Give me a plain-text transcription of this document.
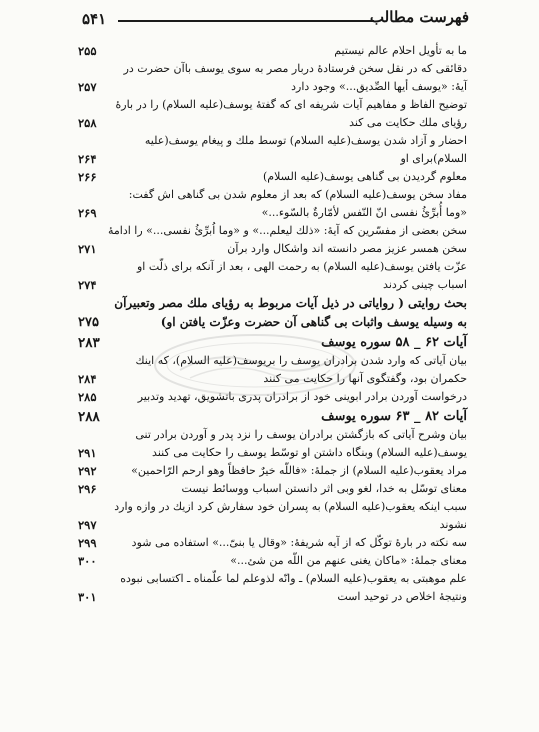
۵۴۱	فهرست مطالب
ما به تأويل احلام عالم نيستيم
۲۵۵
دقائقى كه در نقل سخن فرستادهٔ دربار مصر به سوى يوسف باآن حضرت در آيهٔ: «يوسف أيها الصِّديق...» وجود دارد
۲۵۷
توضيح الفاظ و مفاهيم آيات شريفه اى كه گفتهٔ يوسف(عليه السلام) را در بارهٔ رؤياى ملك حكايت مى كند
۲۵۸
احضار و آزاد شدن يوسف(عليه السلام) توسط ملك و پيغام يوسف(عليه السلام)براى او
۲۶۴
معلوم گرديدن بى گناهى يوسف(عليه السلام)
۲۶۶
مفاد سخن يوسف(عليه السلام) كه بعد از معلوم شدن بى گناهى اش گفت: «وما أُبرِّئُ نفسى انّ النّفس لأمّارةٌ بالسّوء...»
۲۶۹
سخن بعضى از مفسّرين كه آيهٔ: «ذلك ليعلم...» و «وما اُبرِّئُ نفسى...» را ادامهٔ سخن همسر عزيز مصر دانسته اند واشكال وارد برآن
۲۷۱
عزّت يافتن يوسف(عليه السلام) به رحمت الهى ، بعد از آنكه براى ذلّت او اسباب چينى كردند
۲۷۴
بحث روايتى ( رواياتى در ذيل آيات مربوط به رؤياى ملك مصر وتعبيرآن به وسيله يوسف واثبات بى گناهى آن حضرت وعزّت يافتن او)
۲۷۵
آيات ۶۲ _ ۵۸ سوره يوسف
۲۸۳
بيان آياتى كه وارد شدن برادران يوسف را بريوسف(عليه السلام)، كه اينك حكمران بود، وگفتگوى آنها را حكايت مى كنند
۲۸۴
درخواست آوردن برادر ابوينى خود از برادران پدرى باتشويق، تهديد وتدبير
۲۸۵
آيات ۸۲ _ ۶۳ سوره يوسف
۲۸۸
بيان وشرح آياتى كه بازگشتن برادران يوسف را نزد پدر و آوردن برادر تنى يوسف(عليه السلام) وبنگاه داشتن او توسّط يوسف را حكايت مى كنند
۲۹۱
مراد يعقوب(عليه السلام) از جملهٔ: «فاللّه خيرٌ حافظاً وهو ارحم الرّاحمين»
۲۹۲
معناى توسّل به خدا، لغو وبى اثر دانستن اسباب ووسائط نيست
۲۹۶
سبب اينكه يعقوب(عليه السلام) به پسران خود سفارش كرد ازيك در وازه وارد نشوند
۲۹۷
سه نكته در بارهٔ توكّل كه از آيه شريفهٔ: «وقال يا بنىّ...» استفاده مى شود
۲۹۹
معناى جملهٔ: «ماكان يغنى عنهم من اللّه من شئ...»
۳۰۰
علم موهبتى به يعقوب(عليه السلام) ـ وانّه لذوعلم لما علّمناه ـ اكتسابى نبوده ونتيجهٔ اخلاص در توحيد است
۳۰۱
